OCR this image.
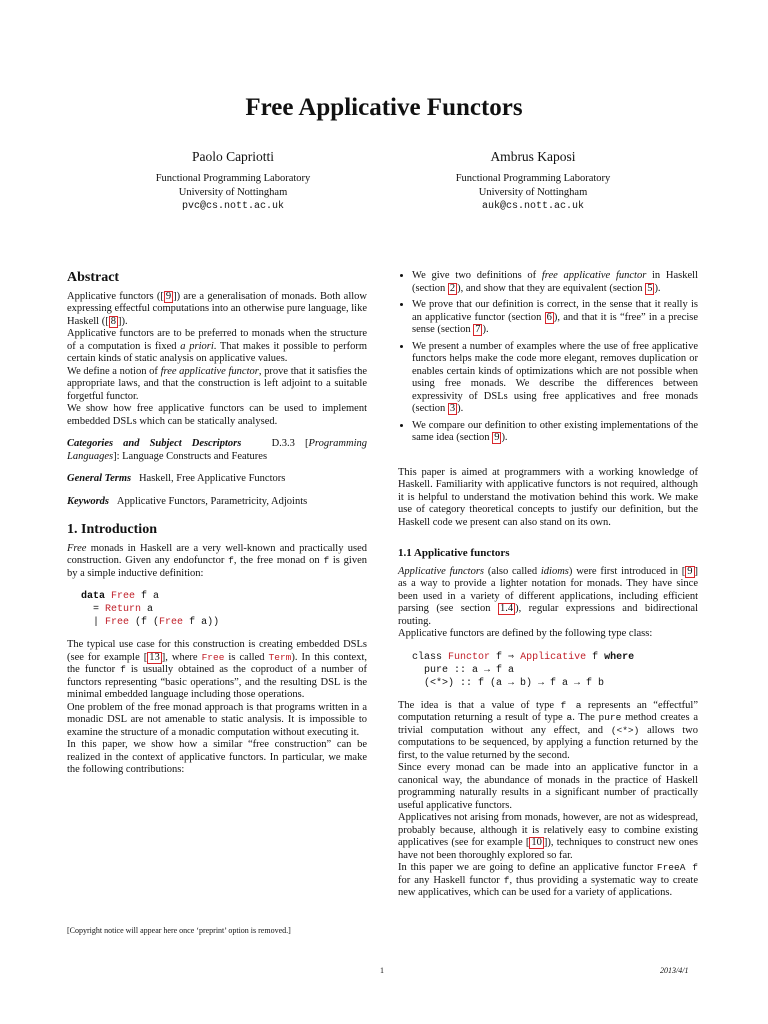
Free Applicative Functors
Paolo Capriotti
Functional Programming Laboratory
University of Nottingham
pvc@cs.nott.ac.uk
Ambrus Kaposi
Functional Programming Laboratory
University of Nottingham
auk@cs.nott.ac.uk
Abstract

Applicative functors ([ 9 ]) are a generalisation of monads. Both allow expressing effectful computations into an otherwise pure language, like Haskell ([ 8 ]).

Applicative functors are to be preferred to monads when the structure of a computation is fixed a priori. That makes it possible to perform certain kinds of static analysis on applicative values.

We define a notion of free applicative functor, prove that it satisfies the appropriate laws, and that the construction is left adjoint to a suitable forgetful functor.

We show how free applicative functors can be used to implement embedded DSLs which can be statically analysed.

Categories and Subject Descriptors	D.3.3 [Programming Languages]: Language Constructs and Features

General Terms Haskell, Free Applicative Functors

Keywords Applicative Functors, Parametricity, Adjoints

1. Introduction

Free monads in Haskell are a very well-known and practically used construction. Given any endofunctor f, the free monad on f is given by a simple inductive definition:

data Free f a
= Return a
| Free (f (Free f a))

The typical use case for this construction is creating embedded DSLs (see for example [ 13 ], where Free is called Term). In this context, the functor f is usually obtained as the coproduct of a number of functors representing “basic operations”, and the resulting DSL is the minimal embedded language including those operations.

One problem of the free monad approach is that programs written in a monadic DSL are not amenable to static analysis. It is impossible to examine the structure of a monadic computation without executing it.

In this paper, we show how a similar “free construction” can be realized in the context of applicative functors. In particular, we make the following contributions:

[Copyright notice will appear here once ‘preprint’ option is removed.]
• We give two definitions of free applicative functor in Haskell (section 2 ), and show that they are equivalent (section 5 ).
• We prove that our definition is correct, in the sense that it really is an applicative functor (section 6 ), and that it is “free” in a precise sense (section 7 ).
• We present a number of examples where the use of free applicative functors helps make the code more elegant, removes duplication or enables certain kinds of optimizations which are not possible when using free monads. We describe the differences between expressivity of DSLs using free applicatives and free monads (section 3 ).
• We compare our definition to other existing implementations of the same idea (section 9 ).

This paper is aimed at programmers with a working knowledge of Haskell. Familiarity with applicative functors is not required, although it is helpful to understand the motivation behind this work. We make use of category theoretical concepts to justify our definition, but the Haskell code we present can also stand on its own.

1.1 Applicative functors

Applicative functors (also called idioms) were first introduced in [ 9 ] as a way to provide a lighter notation for monads. They have since been used in a variety of different applications, including efficient parsing (see section 1.4 ), regular expressions and bidirectional routing.

Applicative functors are defined by the following type class:

class Functor f ⇒ Applicative f where
pure :: a → f a
(<*>) :: f (a → b) → f a → f b

The idea is that a value of type f a represents an “effectful” computation returning a result of type a. The pure method creates a trivial computation without any effect, and (<*>) allows two computations to be sequenced, by applying a function returned by the first, to the value returned by the second.

Since every monad can be made into an applicative functor in a canonical way, the abundance of monads in the practice of Haskell programming naturally results in a significant number of practically useful applicative functors.

Applicatives not arising from monads, however, are not as widespread, probably because, although it is relatively easy to combine existing applicatives (see for example [ 10 ]), techniques to construct new ones have not been thoroughly explored so far.

In this paper we are going to define an applicative functor FreeA f for any Haskell functor f, thus providing a systematic way to create new applicatives, which can be used for a variety of applications.

1	2013/4/1
